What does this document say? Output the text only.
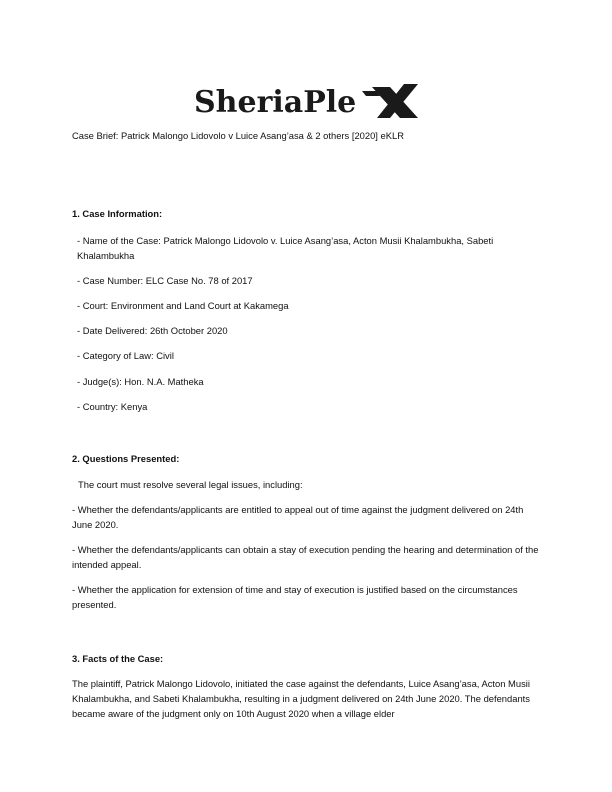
SheriaPle

Case Brief: Patrick Malongo Lidovolo v Luice Asang’asa & 2 others [2020] eKLR

1. Case Information:

- Name of the Case: Patrick Malongo Lidovolo v. Luice Asang’asa, Acton Musii Khalambukha, Sabeti Khalambukha

- Case Number: ELC Case No. 78 of 2017

- Court: Environment and Land Court at Kakamega

- Date Delivered: 26th October 2020

- Category of Law: Civil

- Judge(s): Hon. N.A. Matheka

- Country: Kenya

2. Questions Presented:

The court must resolve several legal issues, including:

- Whether the defendants/applicants are entitled to appeal out of time against the judgment delivered on 24th June 2020.

- Whether the defendants/applicants can obtain a stay of execution pending the hearing and determination of the intended appeal.

- Whether the application for extension of time and stay of execution is justified based on the circumstances presented.

3. Facts of the Case:

The plaintiff, Patrick Malongo Lidovolo, initiated the case against the defendants, Luice Asang’asa, Acton Musii Khalambukha, and Sabeti Khalambukha, resulting in a judgment delivered on 24th June 2020. The defendants became aware of the judgment only on 10th August 2020 when a village elder
